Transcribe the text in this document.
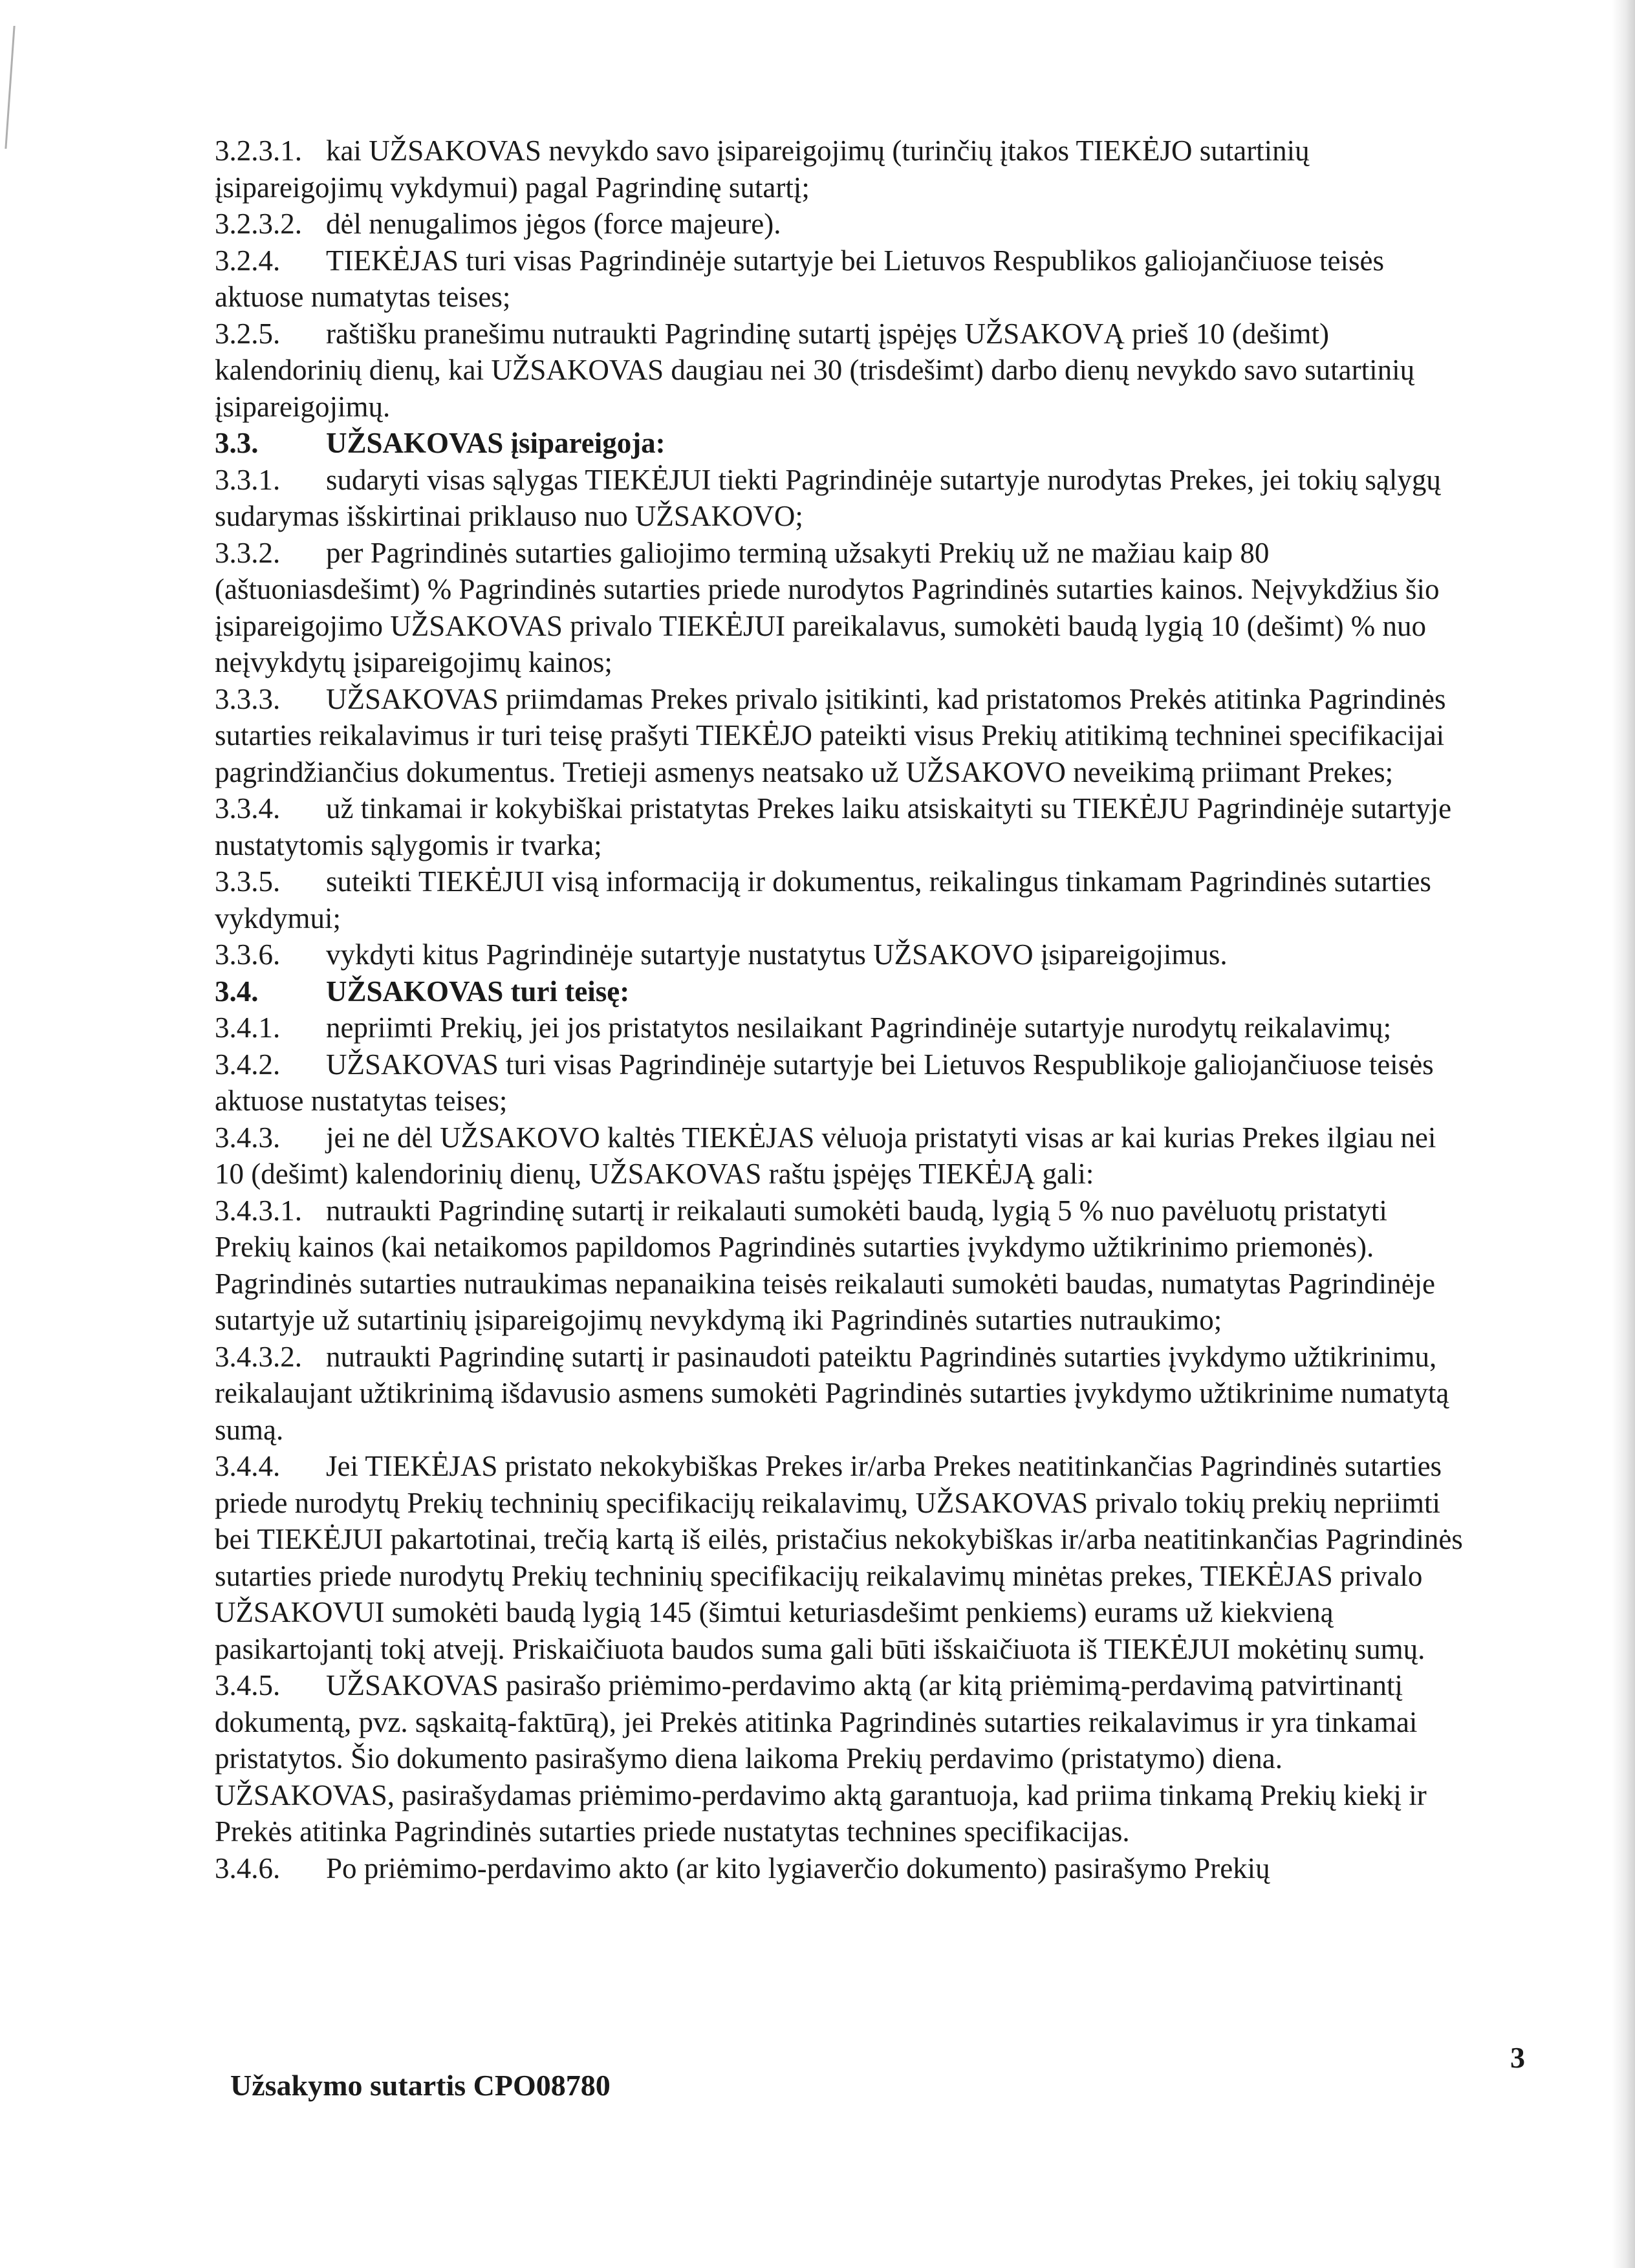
3.2.3.1. kai UŽSAKOVAS nevykdo savo įsipareigojimų (turinčių įtakos TIEKĖJO sutartinių įsipareigojimų vykdymui) pagal Pagrindinę sutartį;

3.2.3.2. dėl nenugalimos jėgos (force majeure).

3.2.4. TIEKĖJAS turi visas Pagrindinėje sutartyje bei Lietuvos Respublikos galiojančiuose teisės aktuose numatytas teises;

3.2.5. raštišku pranešimu nutraukti Pagrindinę sutartį įspėjęs UŽSAKOVĄ prieš 10 (dešimt) kalendorinių dienų, kai UŽSAKOVAS daugiau nei 30 (trisdešimt) darbo dienų nevykdo savo sutartinių įsipareigojimų.

3.3. UŽSAKOVAS įsipareigoja:

3.3.1. sudaryti visas sąlygas TIEKĖJUI tiekti Pagrindinėje sutartyje nurodytas Prekes, jei tokių sąlygų sudarymas išskirtinai priklauso nuo UŽSAKOVO;

3.3.2. per Pagrindinės sutarties galiojimo terminą užsakyti Prekių už ne mažiau kaip 80 (aštuoniasdešimt) % Pagrindinės sutarties priede nurodytos Pagrindinės sutarties kainos. Neįvykdžius šio įsipareigojimo UŽSAKOVAS privalo TIEKĖJUI pareikalavus, sumokėti baudą lygią 10 (dešimt) % nuo neįvykdytų įsipareigojimų kainos;

3.3.3. UŽSAKOVAS priimdamas Prekes privalo įsitikinti, kad pristatomos Prekės atitinka Pagrindinės sutarties reikalavimus ir turi teisę prašyti TIEKĖJO pateikti visus Prekių atitikimą techninei specifikacijai pagrindžiančius dokumentus. Tretieji asmenys neatsako už UŽSAKOVO neveikimą priimant Prekes;

3.3.4. už tinkamai ir kokybiškai pristatytas Prekes laiku atsiskaityti su TIEKĖJU Pagrindinėje sutartyje nustatytomis sąlygomis ir tvarka;

3.3.5. suteikti TIEKĖJUI visą informaciją ir dokumentus, reikalingus tinkamam Pagrindinės sutarties vykdymui;

3.3.6. vykdyti kitus Pagrindinėje sutartyje nustatytus UŽSAKOVO įsipareigojimus.

3.4. UŽSAKOVAS turi teisę:

3.4.1. nepriimti Prekių, jei jos pristatytos nesilaikant Pagrindinėje sutartyje nurodytų reikalavimų;

3.4.2. UŽSAKOVAS turi visas Pagrindinėje sutartyje bei Lietuvos Respublikoje galiojančiuose teisės aktuose nustatytas teises;

3.4.3. jei ne dėl UŽSAKOVO kaltės TIEKĖJAS vėluoja pristatyti visas ar kai kurias Prekes ilgiau nei 10 (dešimt) kalendorinių dienų, UŽSAKOVAS raštu įspėjęs TIEKĖJĄ gali:

3.4.3.1. nutraukti Pagrindinę sutartį ir reikalauti sumokėti baudą, lygią 5 % nuo pavėluotų pristatyti Prekių kainos (kai netaikomos papildomos Pagrindinės sutarties įvykdymo užtikrinimo priemonės). Pagrindinės sutarties nutraukimas nepanaikina teisės reikalauti sumokėti baudas, numatytas Pagrindinėje sutartyje už sutartinių įsipareigojimų nevykdymą iki Pagrindinės sutarties nutraukimo;

3.4.3.2. nutraukti Pagrindinę sutartį ir pasinaudoti pateiktu Pagrindinės sutarties įvykdymo užtikrinimu, reikalaujant užtikrinimą išdavusio asmens sumokėti Pagrindinės sutarties įvykdymo užtikrinime numatytą sumą.

3.4.4. Jei TIEKĖJAS pristato nekokybiškas Prekes ir/arba Prekes neatitinkančias Pagrindinės sutarties priede nurodytų Prekių techninių specifikacijų reikalavimų, UŽSAKOVAS privalo tokių prekių nepriimti bei TIEKĖJUI pakartotinai, trečią kartą iš eilės, pristačius nekokybiškas ir/arba neatitinkančias Pagrindinės sutarties priede nurodytų Prekių techninių specifikacijų reikalavimų minėtas prekes, TIEKĖJAS privalo UŽSAKOVUI sumokėti baudą lygią 145 (šimtui keturiasdešimt penkiems) eurams už kiekvieną pasikartojantį tokį atvejį. Priskaičiuota baudos suma gali būti išskaičiuota iš TIEKĖJUI mokėtinų sumų.

3.4.5. UŽSAKOVAS pasirašo priėmimo-perdavimo aktą (ar kitą priėmimą-perdavimą patvirtinantį dokumentą, pvz. sąskaitą-faktūrą), jei Prekės atitinka Pagrindinės sutarties reikalavimus ir yra tinkamai pristatytos. Šio dokumento pasirašymo diena laikoma Prekių perdavimo (pristatymo) diena. UŽSAKOVAS, pasirašydamas priėmimo-perdavimo aktą garantuoja, kad priima tinkamą Prekių kiekį ir Prekės atitinka Pagrindinės sutarties priede nustatytas technines specifikacijas.

3.4.6. Po priėmimo-perdavimo akto (ar kito lygiaverčio dokumento) pasirašymo Prekių

Užsakymo sutartis CPO08780
3
